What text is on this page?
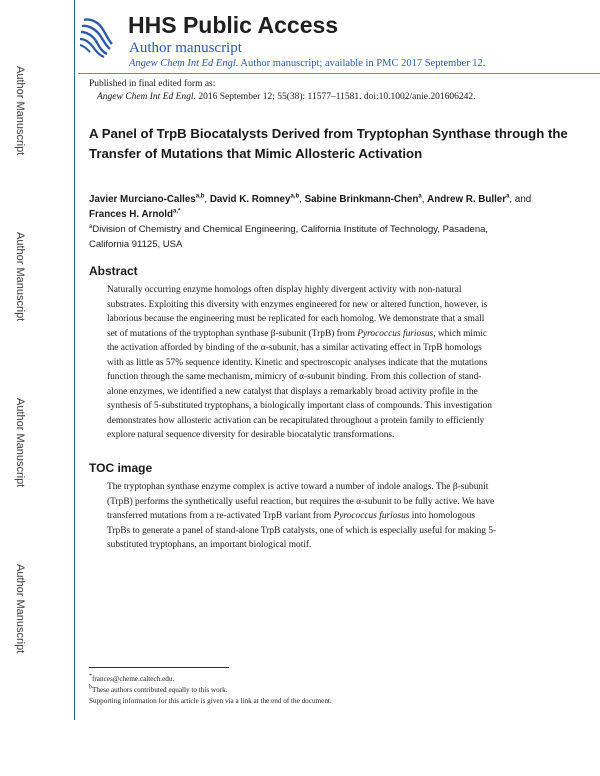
Author Manuscript
Author Manuscript
Author Manuscript
Author Manuscript
HHS Public Access
Author manuscript
Angew Chem Int Ed Engl. Author manuscript; available in PMC 2017 September 12.
Published in final edited form as:
Angew Chem Int Ed Engl. 2016 September 12; 55(38): 11577–11581. doi:10.1002/anie.201606242.
A Panel of TrpB Biocatalysts Derived from Tryptophan Synthase through the Transfer of Mutations that Mimic Allosteric Activation
Javier Murciano-Calles$^{a,b}$, David K. Romney$^{a,b}$, Sabine Brinkmann-Chen$^a$, Andrew R. Buller$^a$, and Frances H. Arnold$^{a,*}$
$^a$Division of Chemistry and Chemical Engineering, California Institute of Technology, Pasadena, California 91125, USA
Abstract
Naturally occurring enzyme homologs often display highly divergent activity with non-natural substrates. Exploiting this diversity with enzymes engineered for new or altered function, however, is laborious because the engineering must be replicated for each homolog. We demonstrate that a small set of mutations of the tryptophan synthase β-subunit (TrpB) from Pyrococcus furiosus, which mimic the activation afforded by binding of the α-subunit, has a similar activating effect in TrpB homologs with as little as 57% sequence identity. Kinetic and spectroscopic analyses indicate that the mutations function through the same mechanism, mimicry of α-subunit binding. From this collection of stand-alone enzymes, we identified a new catalyst that displays a remarkably broad activity profile in the synthesis of 5-substituted tryptophans, a biologically important class of compounds. This investigation demonstrates how allosteric activation can be recapitulated throughout a protein family to efficiently explore natural sequence diversity for desirable biocatalytic transformations.
TOC image
The tryptophan synthase enzyme complex is active toward a number of indole analogs. The β-subunit (TrpB) performs the synthetically useful reaction, but requires the α-subunit to be fully active. We have transferred mutations from a re-activated TrpB variant from Pyrococcus furiosus into homologous TrpBs to generate a panel of stand-alone TrpB catalysts, one of which is especially useful for making 5-substituted tryptophans, an important biological motif.
*frances@cheme.caltech.edu.
$^b$These authors contributed equally to this work.
Supporting information for this article is given via a link at the end of the document.
